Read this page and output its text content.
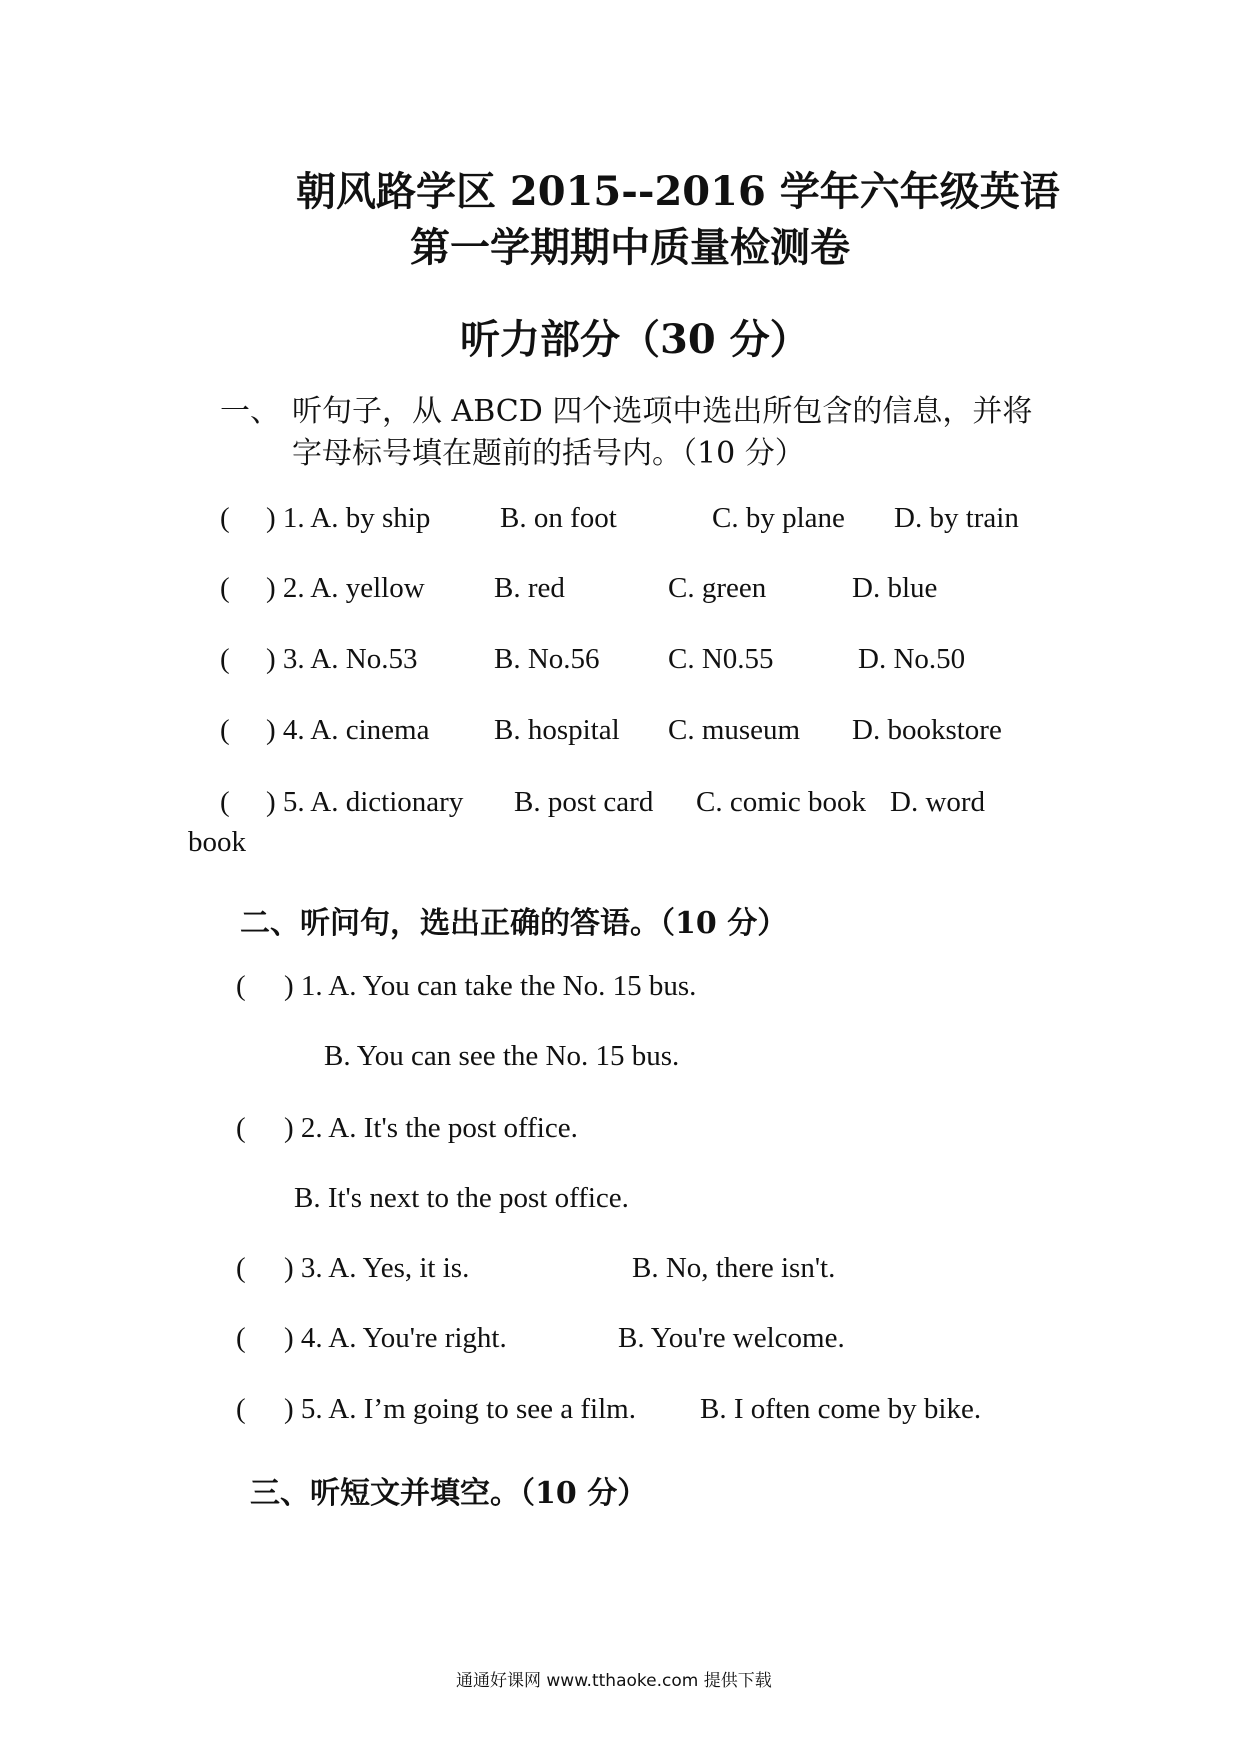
朝风路学区 2015--2016 学年六年级英语
第一学期期中质量检测卷
听力部分（30 分）
一、 听句子，从 ABCD 四个选项中选出所包含的信息，并将
字母标号填在题前的括号内。（10 分）
( ) 1. A. by ship B. on foot	C. by plane D. by train
( ) 2. A. yellow B. red	C. green	D. blue
( ) 3. A. No.53	B. No.56 C. N0.55	D. No.50
( ) 4. A. cinema B. hospital C. museum D. bookstore
( ) 5. A. dictionary B. post card C. comic book D. word
book
二、听问句，选出正确的答语。（10 分）
( ) 1. A. You can take the No. 15 bus.
B. You can see the No. 15 bus.
( ) 2. A. It's the post office.
B. It's next to the post office.
( ) 3. A. Yes, it is.	B. No, there isn't.
( ) 4. A. You're right.	B. You're welcome.
( ) 5. A. I’m going to see a film. B. I often come by bike.
三、听短文并填空。（10 分）
通通好课网 www.tthaoke.com 提供下载
